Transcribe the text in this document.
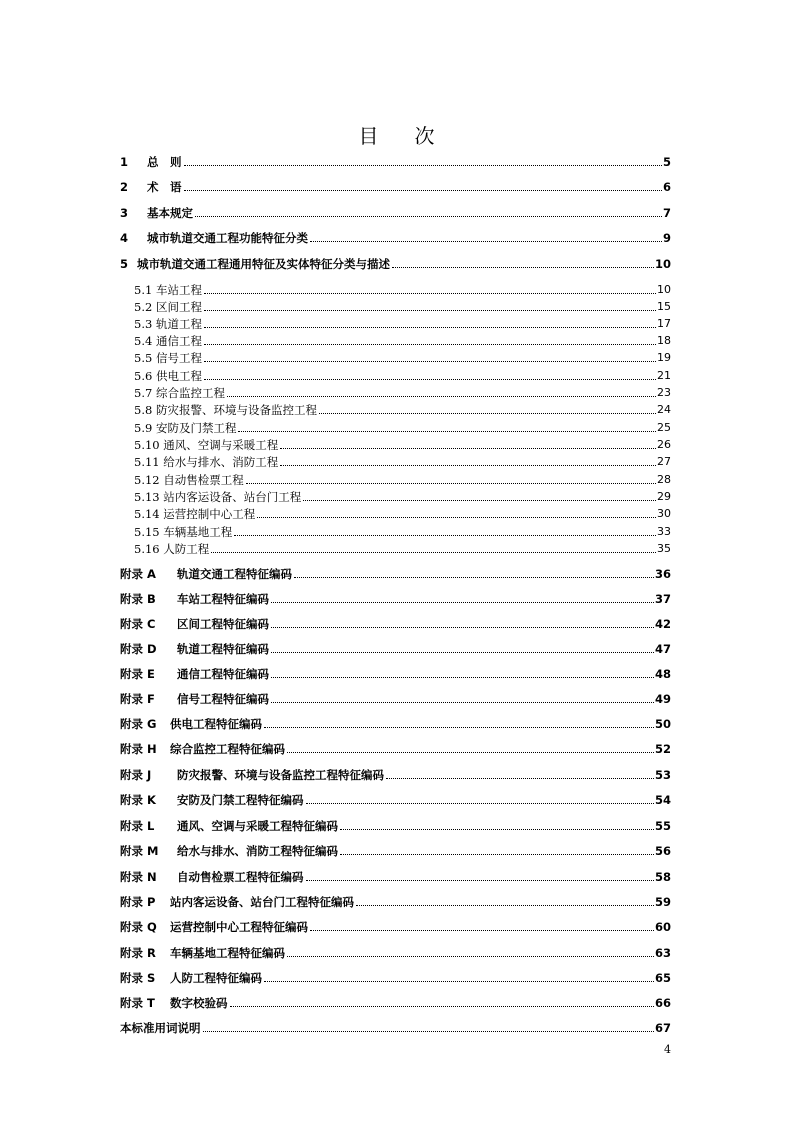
目 次
1 总　则	5
2 术　语	6
3 基本规定	7
4 城市轨道交通工程功能特征分类	9
5 城市轨道交通工程通用特征及实体特征分类与描述	10
5.1 车站工程	10
5.2 区间工程	15
5.3 轨道工程	17
5.4 通信工程	18
5.5 信号工程	19
5.6 供电工程	21
5.7 综合监控工程	23
5.8 防灾报警、环境与设备监控工程	24
5.9 安防及门禁工程	25
5.10 通风、空调与采暖工程	26
5.11 给水与排水、消防工程	27
5.12 自动售检票工程	28
5.13 站内客运设备、站台门工程	29
5.14 运营控制中心工程	30
5.15 车辆基地工程	33
5.16 人防工程	35
附录 A 轨道交通工程特征编码	36
附录 B 车站工程特征编码	37
附录 C 区间工程特征编码	42
附录 D 轨道工程特征编码	47
附录 E 通信工程特征编码	48
附录 F 信号工程特征编码	49
附录 G 供电工程特征编码	50
附录 H 综合监控工程特征编码	52
附录 J 防灾报警、环境与设备监控工程特征编码	53
附录 K 安防及门禁工程特征编码	54
附录 L 通风、空调与采暖工程特征编码	55
附录 M 给水与排水、消防工程特征编码	56
附录 N 自动售检票工程特征编码	58
附录 P 站内客运设备、站台门工程特征编码	59
附录 Q 运营控制中心工程特征编码	60
附录 R 车辆基地工程特征编码	63
附录 S 人防工程特征编码	65
附录 T 数字校验码	66
本标准用词说明	67
4
